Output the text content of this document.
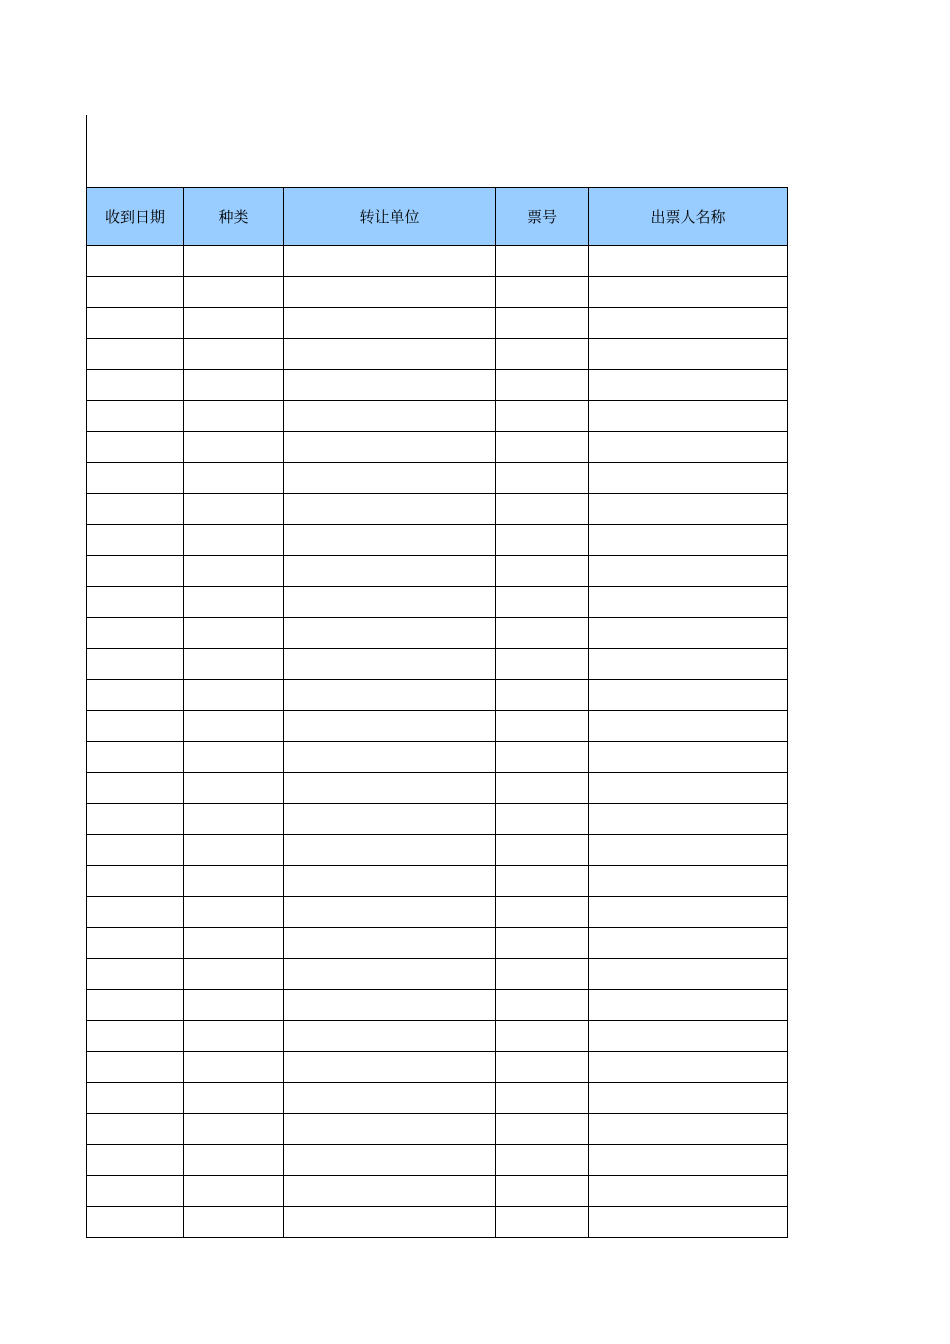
收到日期	种类	转让单位	票号	出票人名称
